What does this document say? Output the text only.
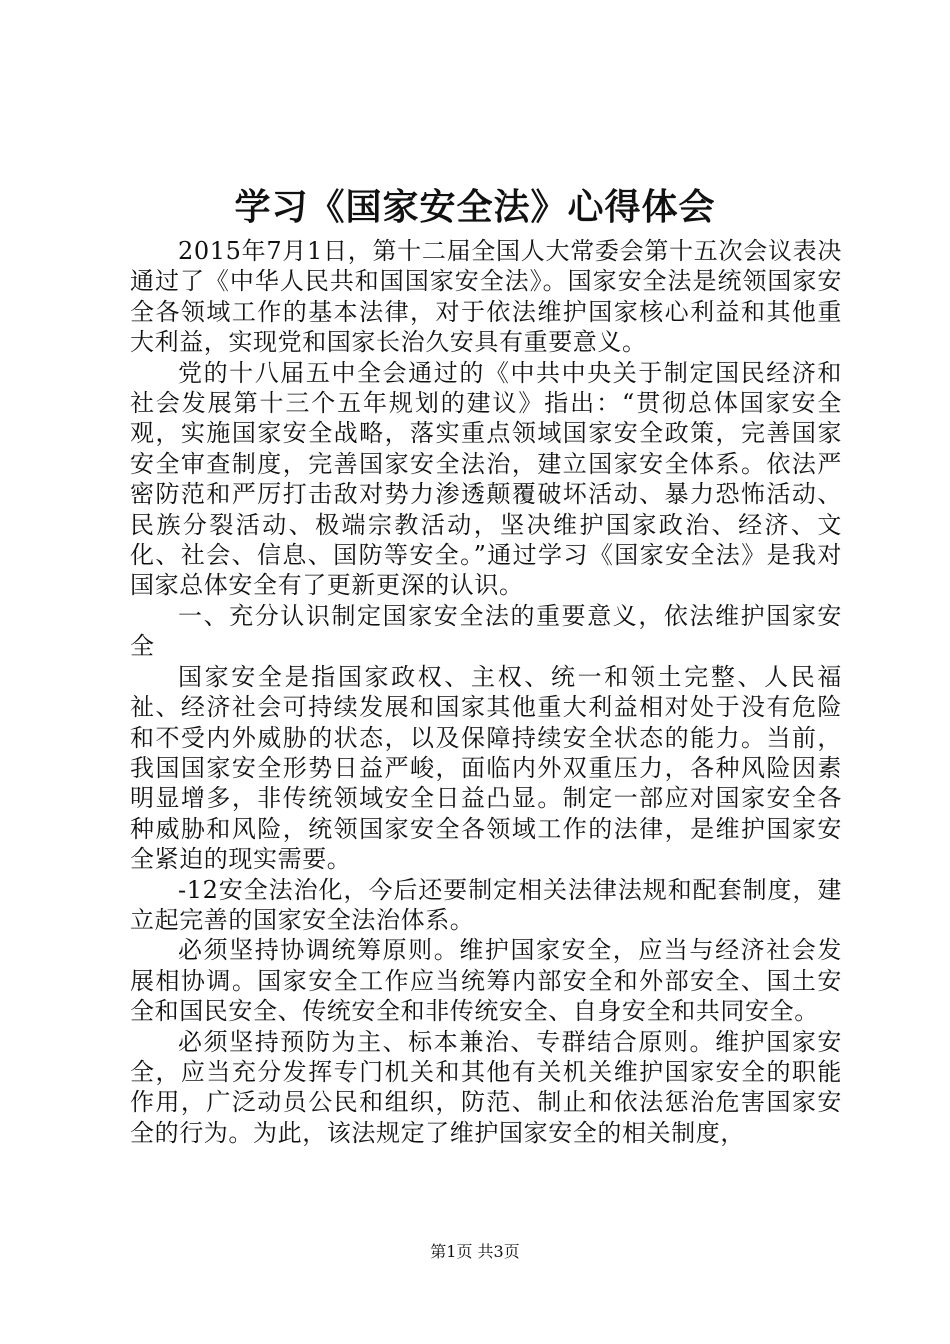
学习《国家安全法》心得体会

2015年7月1日，第十二届全国人大常委会第十五次会议表决通过了《中华人民共和国国家安全法》。国家安全法是统领国家安全各领域工作的基本法律，对于依法维护国家核心利益和其他重大利益，实现党和国家长治久安具有重要意义。

党的十八届五中全会通过的《中共中央关于制定国民经济和社会发展第十三个五年规划的建议》指出：“贯彻总体国家安全观，实施国家安全战略，落实重点领域国家安全政策，完善国家安全审查制度，完善国家安全法治，建立国家安全体系。依法严密防范和严厉打击敌对势力渗透颠覆破坏活动、暴力恐怖活动、民族分裂活动、极端宗教活动，坚决维护国家政治、经济、文化、社会、信息、国防等安全。”通过学习《国家安全法》是我对国家总体安全有了更新更深的认识。

一、充分认识制定国家安全法的重要意义，依法维护国家安全

国家安全是指国家政权、主权、统一和领土完整、人民福祉、经济社会可持续发展和国家其他重大利益相对处于没有危险和不受内外威胁的状态，以及保障持续安全状态的能力。当前，我国国家安全形势日益严峻，面临内外双重压力，各种风险因素明显增多，非传统领域安全日益凸显。制定一部应对国家安全各种威胁和风险，统领国家安全各领域工作的法律，是维护国家安全紧迫的现实需要。

-12安全法治化，今后还要制定相关法律法规和配套制度，建立起完善的国家安全法治体系。

必须坚持协调统筹原则。维护国家安全，应当与经济社会发展相协调。国家安全工作应当统筹内部安全和外部安全、国土安全和国民安全、传统安全和非传统安全、自身安全和共同安全。

必须坚持预防为主、标本兼治、专群结合原则。维护国家安全，应当充分发挥专门机关和其他有关机关维护国家安全的职能作用，广泛动员公民和组织，防范、制止和依法惩治危害国家安全的行为。为此，该法规定了维护国家安全的相关制度，

第1页 共3页
